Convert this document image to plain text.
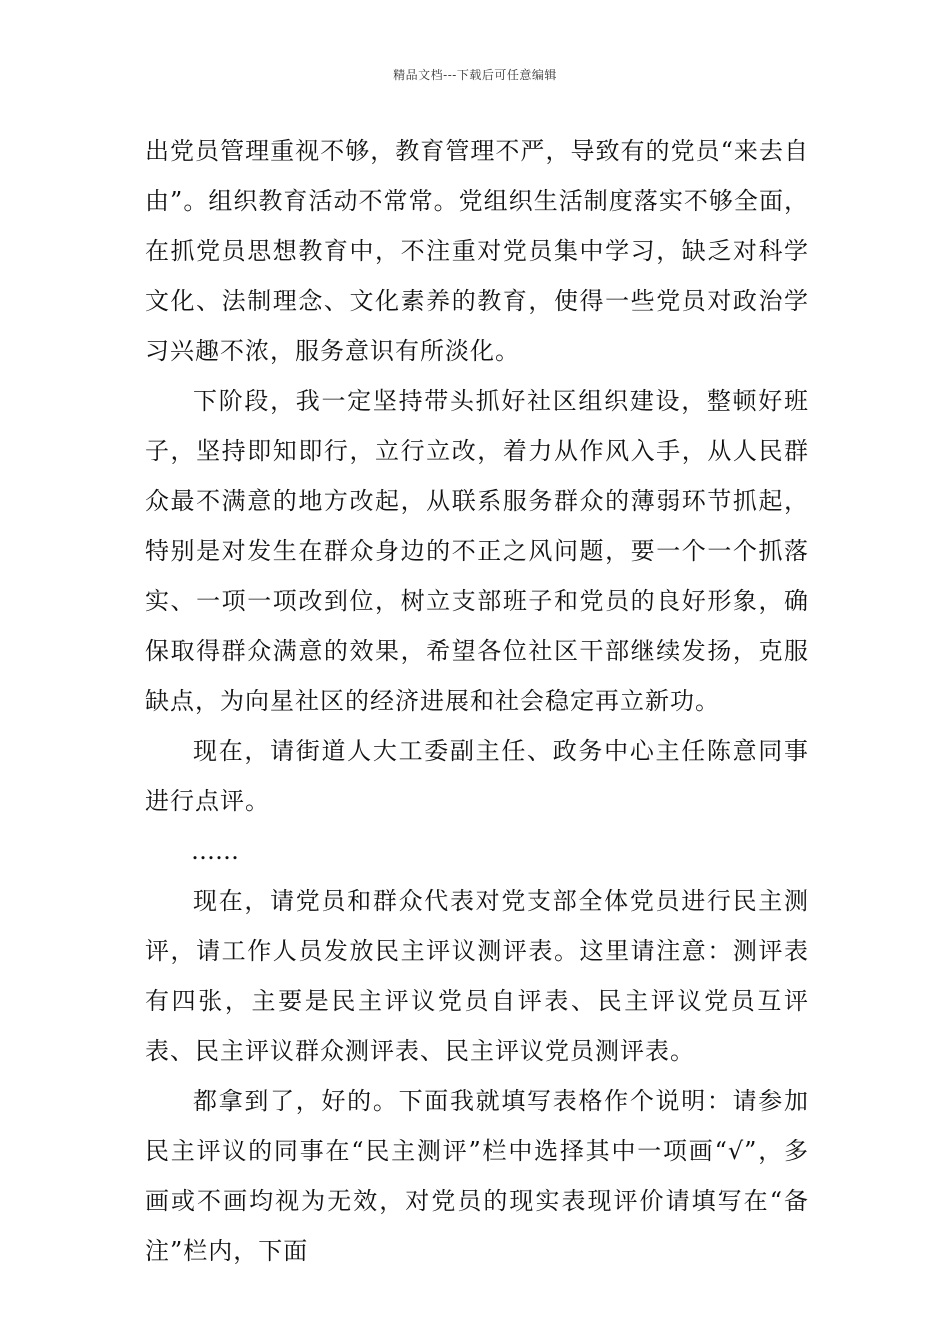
精品文档---下载后可任意编辑

出党员管理重视不够，教育管理不严，导致有的党员“来去自由”。组织教育活动不常常。党组织生活制度落实不够全面，在抓党员思想教育中，不注重对党员集中学习，缺乏对科学文化、法制理念、文化素养的教育，使得一些党员对政治学习兴趣不浓，服务意识有所淡化。

下阶段，我一定坚持带头抓好社区组织建设，整顿好班子，坚持即知即行，立行立改，着力从作风入手，从人民群众最不满意的地方改起，从联系服务群众的薄弱环节抓起，特别是对发生在群众身边的不正之风问题，要一个一个抓落实、一项一项改到位，树立支部班子和党员的良好形象，确保取得群众满意的效果，希望各位社区干部继续发扬，克服缺点，为向星社区的经济进展和社会稳定再立新功。

现在，请街道人大工委副主任、政务中心主任陈意同事进行点评。

……

现在，请党员和群众代表对党支部全体党员进行民主测评，请工作人员发放民主评议测评表。这里请注意：测评表有四张，主要是民主评议党员自评表、民主评议党员互评表、民主评议群众测评表、民主评议党员测评表。

都拿到了，好的。下面我就填写表格作个说明：请参加民主评议的同事在“民主测评”栏中选择其中一项画“√”，多画或不画均视为无效，对党员的现实表现评价请填写在“备注”栏内，下面
